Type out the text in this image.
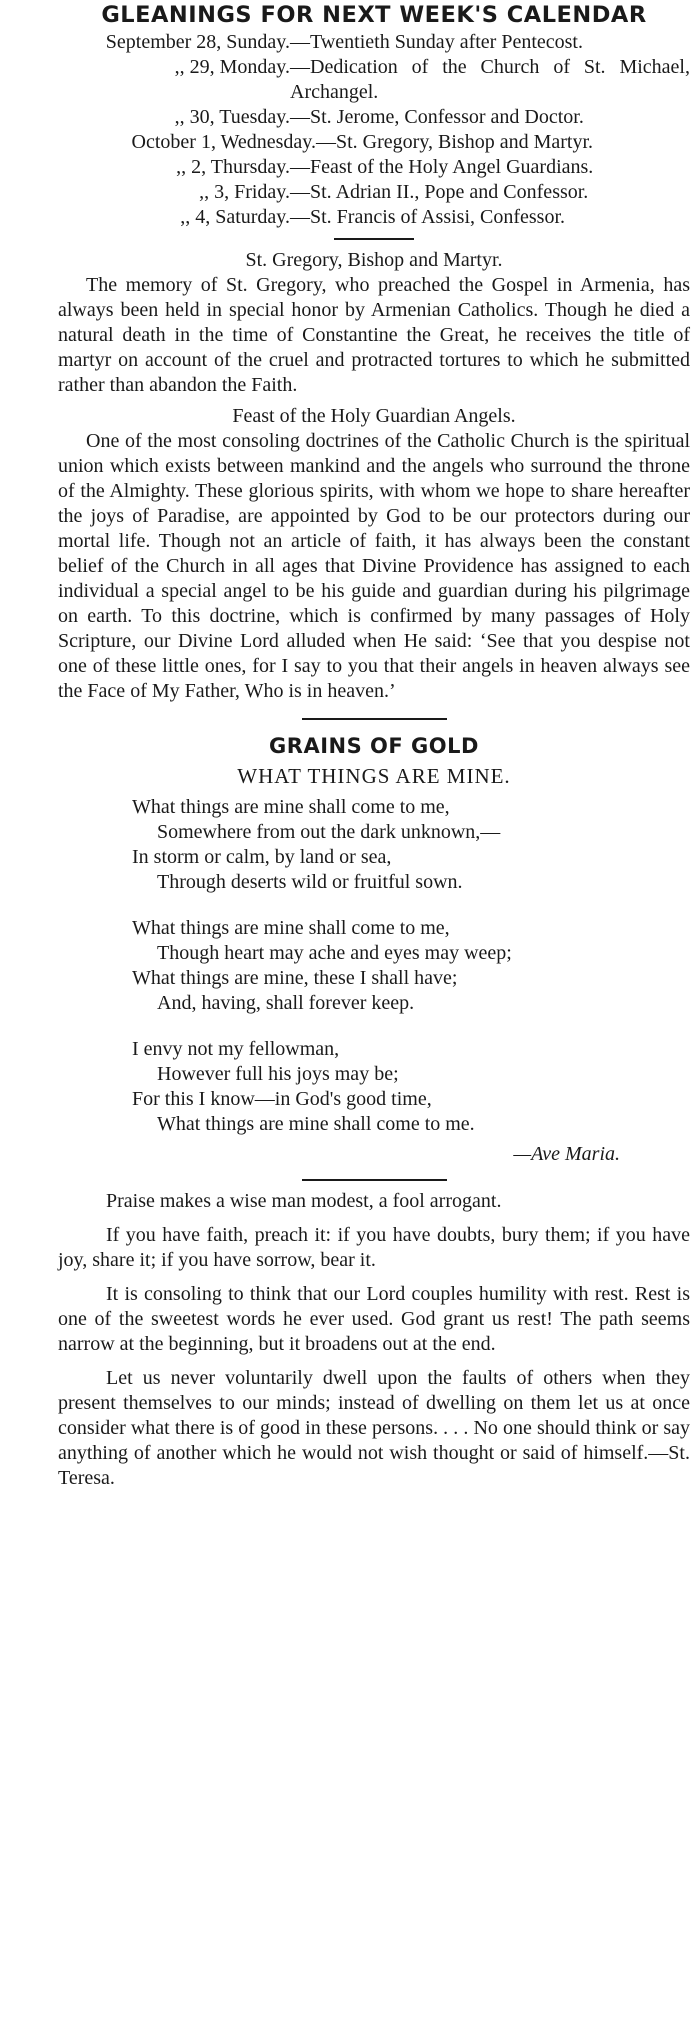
GLEANINGS FOR NEXT WEEK'S CALENDAR
September 28, Sunday. —Twentieth Sunday after Pentecost.
,, 29, Monday. —Dedication of the Church of St. Michael, Archangel.
,, 30, Tuesday. —St. Jerome, Confessor and Doctor.
October 1, Wednesday. —St. Gregory, Bishop and Martyr.
,, 2, Thursday. —Feast of the Holy Angel Guardians.
,, 3, Friday. —St. Adrian II., Pope and Confessor.
,, 4, Saturday. —St. Francis of Assisi, Confessor.
St. Gregory, Bishop and Martyr.

The memory of St. Gregory, who preached the Gospel in Armenia, has always been held in special honor by Armenian Catholics. Though he died a natural death in the time of Constantine the Great, he receives the title of martyr on account of the cruel and protracted tortures to which he submitted rather than abandon the Faith.

Feast of the Holy Guardian Angels.

One of the most consoling doctrines of the Catholic Church is the spiritual union which exists between mankind and the angels who surround the throne of the Almighty. These glorious spirits, with whom we hope to share hereafter the joys of Paradise, are appointed by God to be our protectors during our mortal life. Though not an article of faith, it has always been the constant belief of the Church in all ages that Divine Providence has assigned to each individual a special angel to be his guide and guardian during his pilgrimage on earth. To this doctrine, which is confirmed by many passages of Holy Scripture, our Divine Lord alluded when He said: ‘See that you despise not one of these little ones, for I say to you that their angels in heaven always see the Face of My Father, Who is in heaven.’

GRAINS OF GOLD
WHAT THINGS ARE MINE.
What things are mine shall come to me,
Somewhere from out the dark unknown,—
In storm or calm, by land or sea,
Through deserts wild or fruitful sown.
What things are mine shall come to me,
Though heart may ache and eyes may weep;
What things are mine, these I shall have;
And, having, shall forever keep.
I envy not my fellowman,
However full his joys may be;
For this I know—in God's good time,
What things are mine shall come to me.
—Ave Maria.

Praise makes a wise man modest, a fool arrogant.

If you have faith, preach it: if you have doubts, bury them; if you have joy, share it; if you have sorrow, bear it.

It is consoling to think that our Lord couples humility with rest. Rest is one of the sweetest words he ever used. God grant us rest! The path seems narrow at the beginning, but it broadens out at the end.

Let us never voluntarily dwell upon the faults of others when they present themselves to our minds; instead of dwelling on them let us at once consider what there is of good in these persons. . . . No one should think or say anything of another which he would not wish thought or said of himself.—St. Teresa.
